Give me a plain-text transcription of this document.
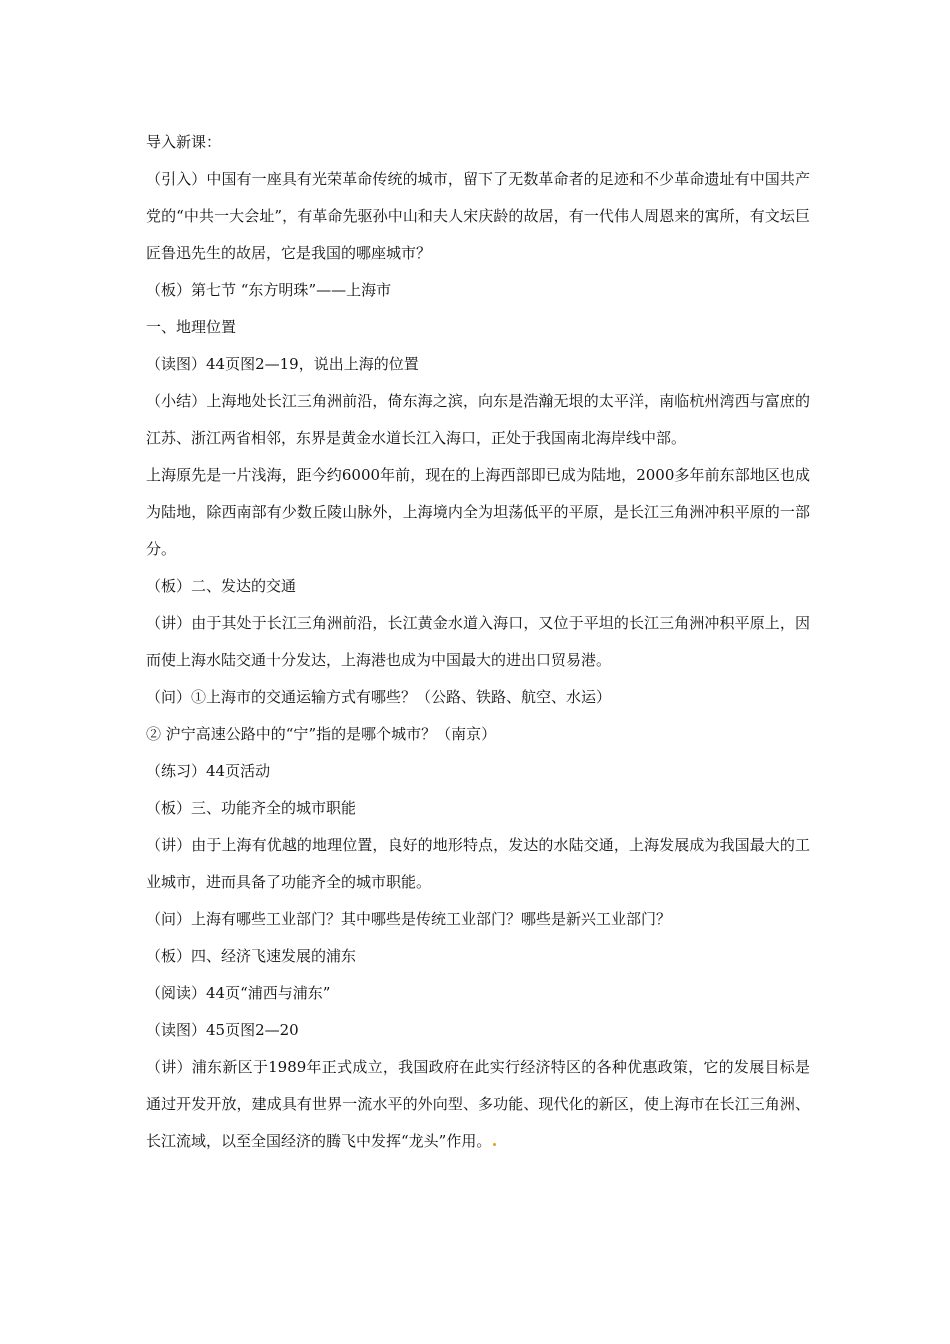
导入新课：

（引入）中国有一座具有光荣革命传统的城市，留下了无数革命者的足迹和不少革命遗址有中国共产党的“中共一大会址”，有革命先驱孙中山和夫人宋庆龄的故居，有一代伟人周恩来的寓所，有文坛巨匠鲁迅先生的故居，它是我国的哪座城市？

（板）第七节 “东方明珠”——上海市

一、地理位置

（读图）44页图2—19，说出上海的位置

（小结）上海地处长江三角洲前沿，倚东海之滨，向东是浩瀚无垠的太平洋，南临杭州湾西与富庶的江苏、浙江两省相邻，东界是黄金水道长江入海口，正处于我国南北海岸线中部。

上海原先是一片浅海，距今约6000年前，现在的上海西部即已成为陆地，2000多年前东部地区也成为陆地，除西南部有少数丘陵山脉外，上海境内全为坦荡低平的平原，是长江三角洲冲积平原的一部分。

（板）二、发达的交通

（讲）由于其处于长江三角洲前沿，长江黄金水道入海口，又位于平坦的长江三角洲冲积平原上，因而使上海水陆交通十分发达，上海港也成为中国最大的进出口贸易港。

（问）①上海市的交通运输方式有哪些？（公路、铁路、航空、水运）

② 沪宁高速公路中的“宁”指的是哪个城市？（南京）

（练习）44页活动

（板）三、功能齐全的城市职能

（讲）由于上海有优越的地理位置，良好的地形特点，发达的水陆交通，上海发展成为我国最大的工业城市，进而具备了功能齐全的城市职能。

（问）上海有哪些工业部门？其中哪些是传统工业部门？哪些是新兴工业部门？

（板）四、经济飞速发展的浦东

（阅读）44页“浦西与浦东”

（读图）45页图2—20

（讲）浦东新区于1989年正式成立，我国政府在此实行经济特区的各种优惠政策，它的发展目标是通过开发开放，建成具有世界一流水平的外向型、多功能、现代化的新区，使上海市在长江三角洲、长江流域，以至全国经济的腾飞中发挥“龙头”作用。
